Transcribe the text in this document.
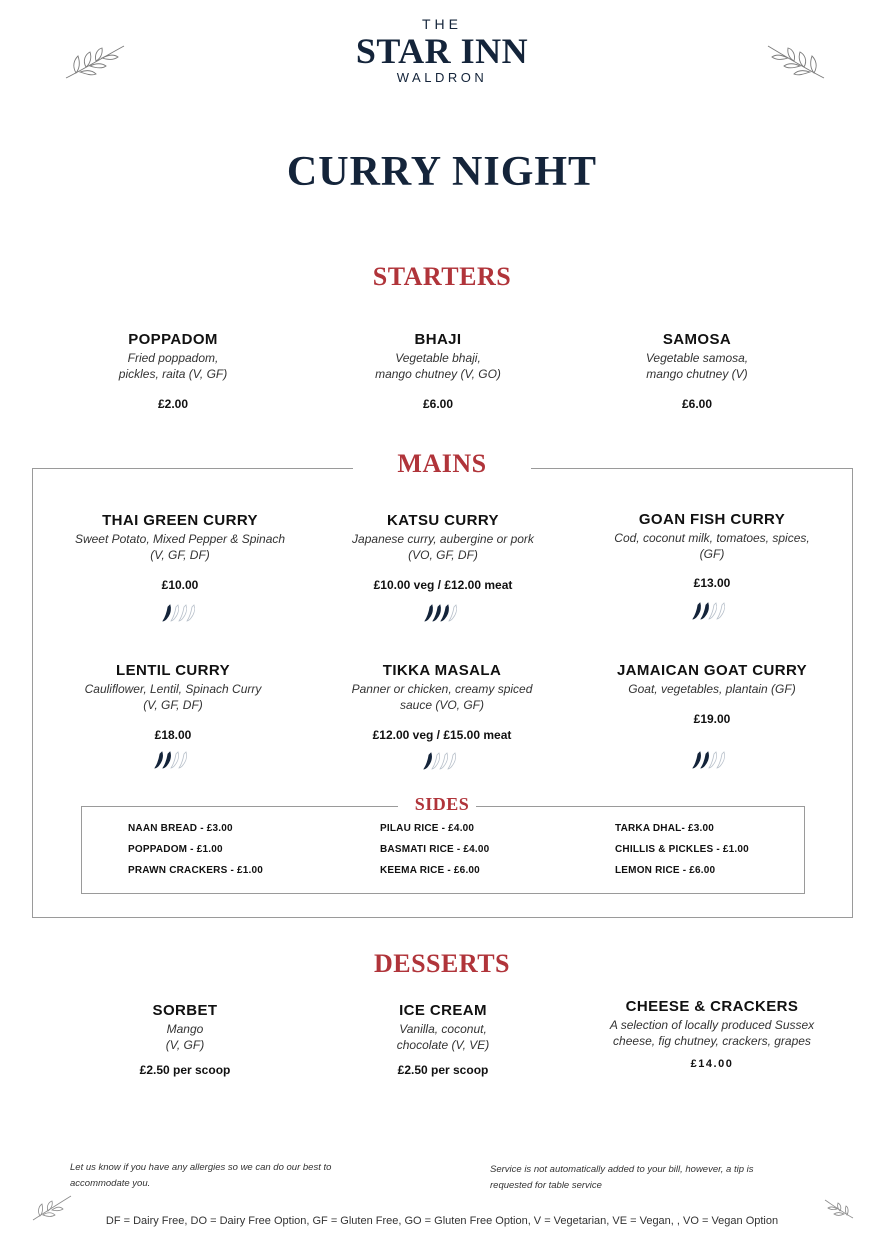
THE
STAR INN
WALDRON
CURRY NIGHT
STARTERS
POPPADOM
Fried poppadom,
pickles, raita (V, GF)
£2.00
BHAJI
Vegetable bhaji,
mango chutney (V, GO)
£6.00
SAMOSA
Vegetable samosa,
mango chutney (V)
£6.00
MAINS
THAI GREEN CURRY
Sweet Potato, Mixed Pepper & Spinach
(V, GF, DF)
£10.00
KATSU CURRY
Japanese curry, aubergine or pork
(VO, GF, DF)
£10.00 veg / £12.00 meat
GOAN FISH CURRY
Cod, coconut milk, tomatoes, spices,
(GF)
£13.00
LENTIL CURRY
Cauliflower, Lentil, Spinach Curry
(V, GF, DF)
£18.00
TIKKA MASALA
Panner or chicken, creamy spiced
sauce (VO, GF)
£12.00 veg / £15.00 meat
JAMAICAN GOAT CURRY
Goat, vegetables, plantain (GF)
£19.00
SIDES
NAAN BREAD - £3.00
POPPADOM - £1.00
PRAWN CRACKERS - £1.00
PILAU RICE - £4.00
BASMATI RICE - £4.00
KEEMA RICE - £6.00
TARKA DHAL- £3.00
CHILLIS & PICKLES - £1.00
LEMON RICE - £6.00
DESSERTS
SORBET
Mango
(V, GF)
£2.50 per scoop
ICE CREAM
Vanilla, coconut,
chocolate (V, VE)
£2.50 per scoop
CHEESE & CRACKERS
A selection of locally produced Sussex
cheese, fig chutney, crackers, grapes
£14.00
Let us know if you have any allergies so we can do our best to
accommodate you.
Service is not automatically added to your bill, however, a tip is
requested for table service
DF = Dairy Free, DO = Dairy Free Option, GF = Gluten Free, GO = Gluten Free Option, V = Vegetarian, VE = Vegan, , VO = Vegan Option
